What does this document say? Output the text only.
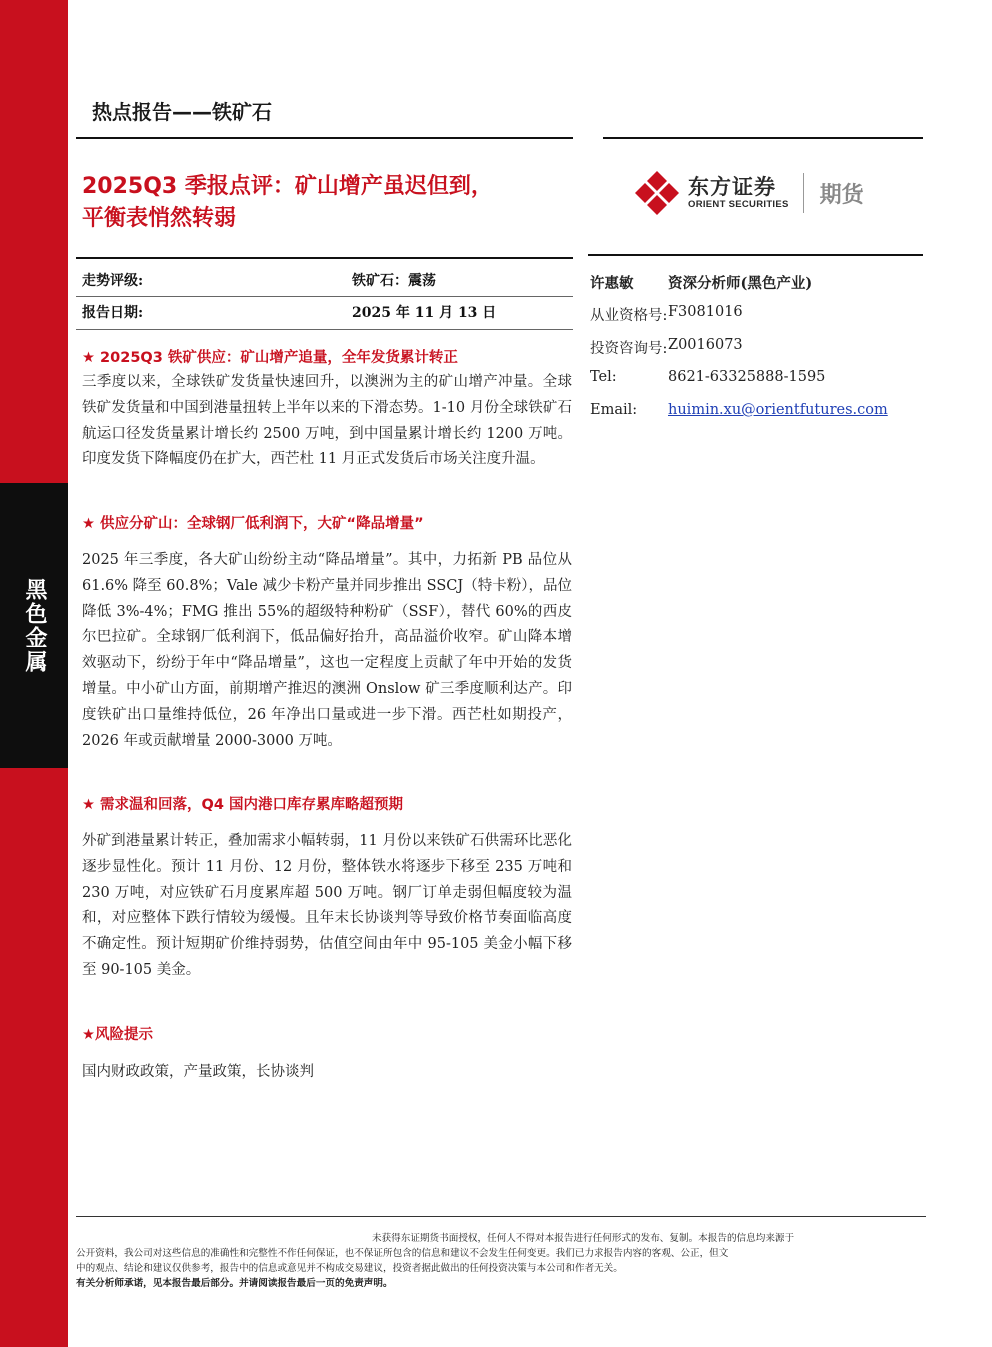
黑色金属
热点报告——铁矿石
2025Q3 季报点评：矿山增产虽迟但到，
平衡表悄然转弱
东方证券
ORIENT SECURITIES 期货
走势评级:	铁矿石：震荡
报告日期:	2025 年 11 月 13 日
许惠敏 资深分析师(黑色产业)
从业资格号: F3081016
投资咨询号: Z0016073
Tel:	8621-63325888-1595
Email: huimin.xu@orientfutures.com
★ 2025Q3 铁矿供应：矿山增产追量，全年发货累计转正
三季度以来，全球铁矿发货量快速回升，以澳洲为主的矿山增产冲量。全球铁矿发货量和中国到港量扭转上半年以来的下滑态势。1-10 月份全球铁矿石航运口径发货量累计增长约 2500 万吨，到中国量累计增长约 1200 万吨。印度发货下降幅度仍在扩大，西芒杜 11 月正式发货后市场关注度升温。
★ 供应分矿山：全球钢厂低利润下，大矿“降品增量”
2025 年三季度，各大矿山纷纷主动“降品增量”。其中，力拓新 PB 品位从 61.6% 降至 60.8%；Vale 减少卡粉产量并同步推出 SSCJ（特卡粉），品位降低 3%-4%；FMG 推出 55%的超级特种粉矿（SSF），替代 60%的西皮尔巴拉矿。全球钢厂低利润下，低品偏好抬升，高品溢价收窄。矿山降本增效驱动下，纷纷于年中“降品增量”，这也一定程度上贡献了年中开始的发货增量。中小矿山方面，前期增产推迟的澳洲 Onslow 矿三季度顺利达产。印度铁矿出口量维持低位，26 年净出口量或进一步下滑。西芒杜如期投产，2026 年或贡献增量 2000-3000 万吨。
★ 需求温和回落，Q4 国内港口库存累库略超预期
外矿到港量累计转正，叠加需求小幅转弱，11 月份以来铁矿石供需环比恶化逐步显性化。预计 11 月份、12 月份，整体铁水将逐步下移至 235 万吨和 230 万吨，对应铁矿石月度累库超 500 万吨。钢厂订单走弱但幅度较为温和，对应整体下跌行情较为缓慢。且年末长协谈判等导致价格节奏面临高度不确定性。预计短期矿价维持弱势，估值空间由年中 95-105 美金小幅下移至 90-105 美金。
★风险提示
国内财政政策，产量政策，长协谈判
未获得东证期货书面授权，任何人不得对本报告进行任何形式的发布、复制。本报告的信息均来源于
公开资料，我公司对这些信息的准确性和完整性不作任何保证，也不保证所包含的信息和建议不会发生任何变更。我们已力求报告内容的客观、公正，但文
中的观点、结论和建议仅供参考，报告中的信息或意见并不构成交易建议，投资者据此做出的任何投资决策与本公司和作者无关。
有关分析师承诺，见本报告最后部分。并请阅读报告最后一页的免责声明。
